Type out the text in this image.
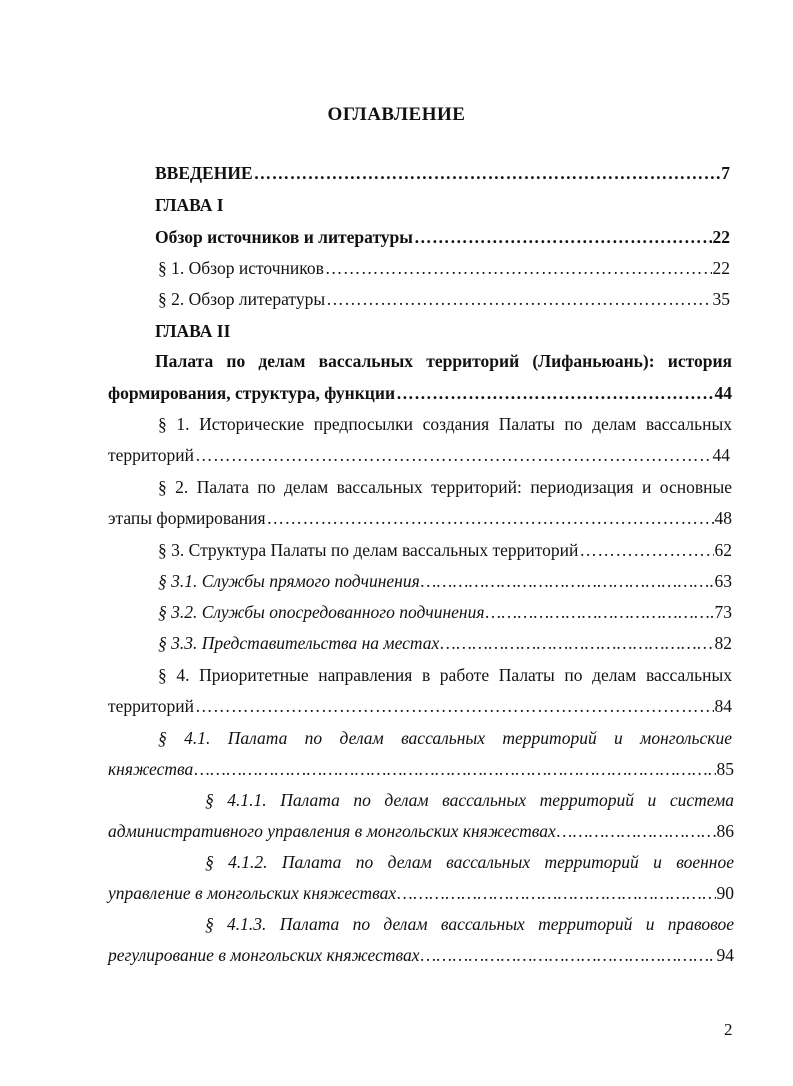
ОГЛАВЛЕНИЕ
ВВЕДЕНИЕ …………………………………………………………………………………………………………………………………………………………	7
ГЛАВА I
Обзор источников и литературы …………………………………………………………………………………………………………………………………………………………	22
§ 1. Обзор источников …………………………………………………………………………………………………………………………………………………………	22
§ 2. Обзор литературы …………………………………………………………………………………………………………………………………………………………	35
ГЛАВА II
Палата по делам вассальных территорий (Лифаньюань): история
формирования, структура, функции …………………………………………………………………………………………………………………………………………………………	44
§ 1. Исторические предпосылки создания Палаты по делам вассальных
территорий …………………………………………………………………………………………………………………………………………………………	44
§ 2. Палата по делам вассальных территорий: периодизация и основные
этапы формирования …………………………………………………………………………………………………………………………………………………………	48
§ 3. Структура Палаты по делам вассальных территорий …………………………………………………………………………………………………………………………………………………………	62
§ 3.1. Службы прямого подчинения …………………………………………………………………………………………………………………………………………………………	63
§ 3.2. Службы опосредованного подчинения …………………………………………………………………………………………………………………………………………………………	73
§ 3.3. Представительства на местах …………………………………………………………………………………………………………………………………………………………	82
§ 4. Приоритетные направления в работе Палаты по делам вассальных
территорий …………………………………………………………………………………………………………………………………………………………	84
§ 4.1. Палата по делам вассальных территорий и монгольские
княжества …………………………………………………………………………………………………………………………………………………………	85
§ 4.1.1. Палата по делам вассальных территорий и система
административного управления в монгольских княжествах …………………………………………………………………………………………………………………………………………………………	86
§ 4.1.2. Палата по делам вассальных территорий и военное
управление в монгольских княжествах …………………………………………………………………………………………………………………………………………………………	90
§ 4.1.3. Палата по делам вассальных территорий и правовое
регулирование в монгольских княжествах …………………………………………………………………………………………………………………………………………………………	94
2
